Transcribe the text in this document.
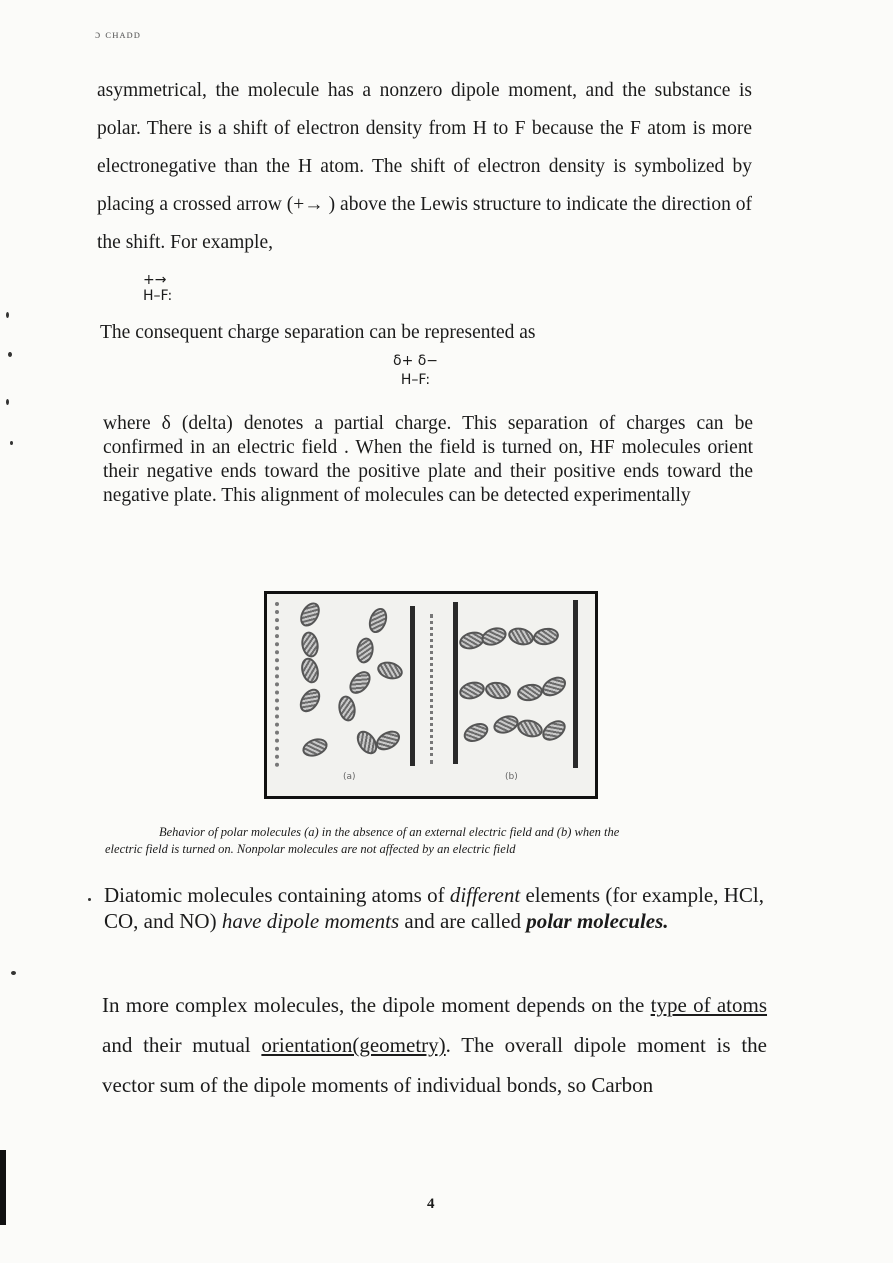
ɔ ᴄʜᴀᴅᴅ

asymmetrical, the molecule has a nonzero dipole moment, and the substance is polar. There is a shift of electron density from H to F because the F atom is more electronegative than the H atom. The shift of electron density is symbolized by placing a crossed arrow (+→ ) above the Lewis structure to indicate the direction of the shift. For example,

+→
H–F:

The consequent charge separation can be represented as

δ+ δ−
H–F:

where δ (delta) denotes a partial charge. This separation of charges can be confirmed in an electric field . When the field is turned on, HF molecules orient their negative ends toward the positive plate and their positive ends toward the negative plate. This alignment of molecules can be detected experimentally

(a)	(b)
Behavior of polar molecules (a) in the absence of an external electric field and (b) when the
electric field is turned on. Nonpolar molecules are not affected by an electric field

Diatomic molecules containing atoms of different elements (for example, HCl, CO, and NO) have dipole moments and are called polar molecules.

In more complex molecules, the dipole moment depends on the type of atoms and their mutual orientation(geometry). The overall dipole moment is the vector sum of the dipole moments of individual bonds, so Carbon

4
